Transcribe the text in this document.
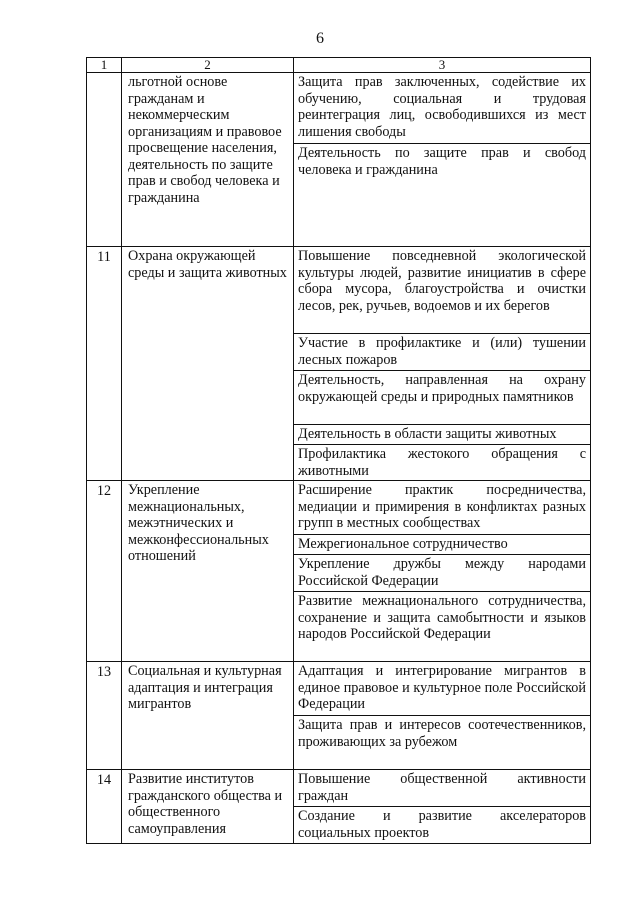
6
1	2	3
	льготной основе гражданам и некоммерческим организациям и правовое просвещение населения, деятельность по защите прав и свобод человека и гражданина	Защита прав заключенных, содействие их обучению, социальная и трудовая реинтеграция лиц, освободившихся из мест лишения свободы
Деятельность по защите прав и свобод человека и гражданина

11	Охрана окружающей среды и защита животных	Повышение повседневной экологической культуры людей, развитие инициатив в сфере сбора мусора, благоустройства и очистки лесов, рек, ручьев, водоемов и их берегов
Участие в профилактике и (или) тушении лесных пожаров
Деятельность, направленная на охрану окружающей среды и природных памятников
Деятельность в области защиты животных
Профилактика жестокого обращения с животными

12	Укрепление межнациональных, межэтнических и межконфессиональных отношений	Расширение практик посредничества, медиации и примирения в конфликтах разных групп в местных сообществах
Межрегиональное сотрудничество
Укрепление дружбы между народами Российской Федерации
Развитие межнационального сотрудничества, сохранение и защита самобытности и языков народов Российской Федерации

13	Социальная и культурная адаптация и интеграция мигрантов	Адаптация и интегрирование мигрантов в единое правовое и культурное поле Российской Федерации
Защита прав и интересов соотечественников, проживающих за рубежом

14	Развитие институтов гражданского общества и общественного самоуправления	Повышение общественной активности граждан
Создание и развитие акселераторов социальных проектов
